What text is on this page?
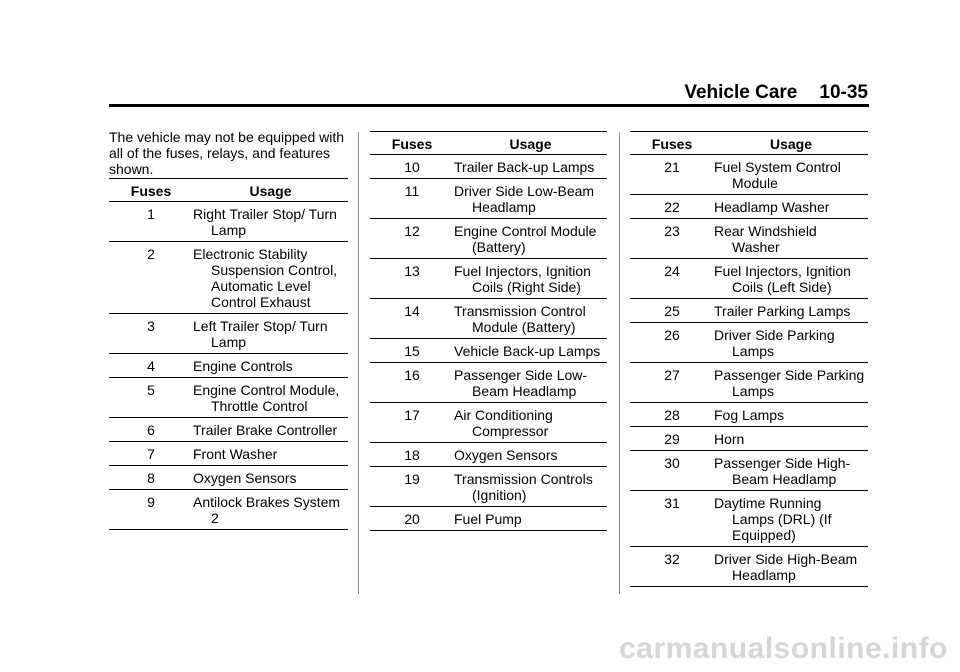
Vehicle Care 10-35
The vehicle may not be equipped with all of the fuses, relays, and features shown.
Fuses	Usage
1	Right Trailer Stop/ Turn Lamp

2	Electronic Stability Suspension Control, Automatic Level Control Exhaust

3	Left Trailer Stop/ Turn Lamp

4	Engine Controls

5	Engine Control Module, Throttle Control

6	Trailer Brake Controller

7	Front Washer

8	Oxygen Sensors

9	Antilock Brakes System 2
Fuses	Usage
10	Trailer Back-up Lamps

11	Driver Side Low-Beam Headlamp

12	Engine Control Module (Battery)

13	Fuel Injectors, Ignition Coils (Right Side)

14	Transmission Control Module (Battery)

15	Vehicle Back-up Lamps

16	Passenger Side Low-Beam Headlamp

17	Air Conditioning Compressor

18	Oxygen Sensors

19	Transmission Controls (Ignition)

20	Fuel Pump
Fuses	Usage
21	Fuel System Control Module

22	Headlamp Washer

23	Rear Windshield Washer

24	Fuel Injectors, Ignition Coils (Left Side)

25	Trailer Parking Lamps

26	Driver Side Parking Lamps

27	Passenger Side Parking Lamps

28	Fog Lamps

29	Horn

30	Passenger Side High-Beam Headlamp

31	Daytime Running Lamps (DRL) (If Equipped)

32	Driver Side High-Beam Headlamp
carmanualsonline.info
